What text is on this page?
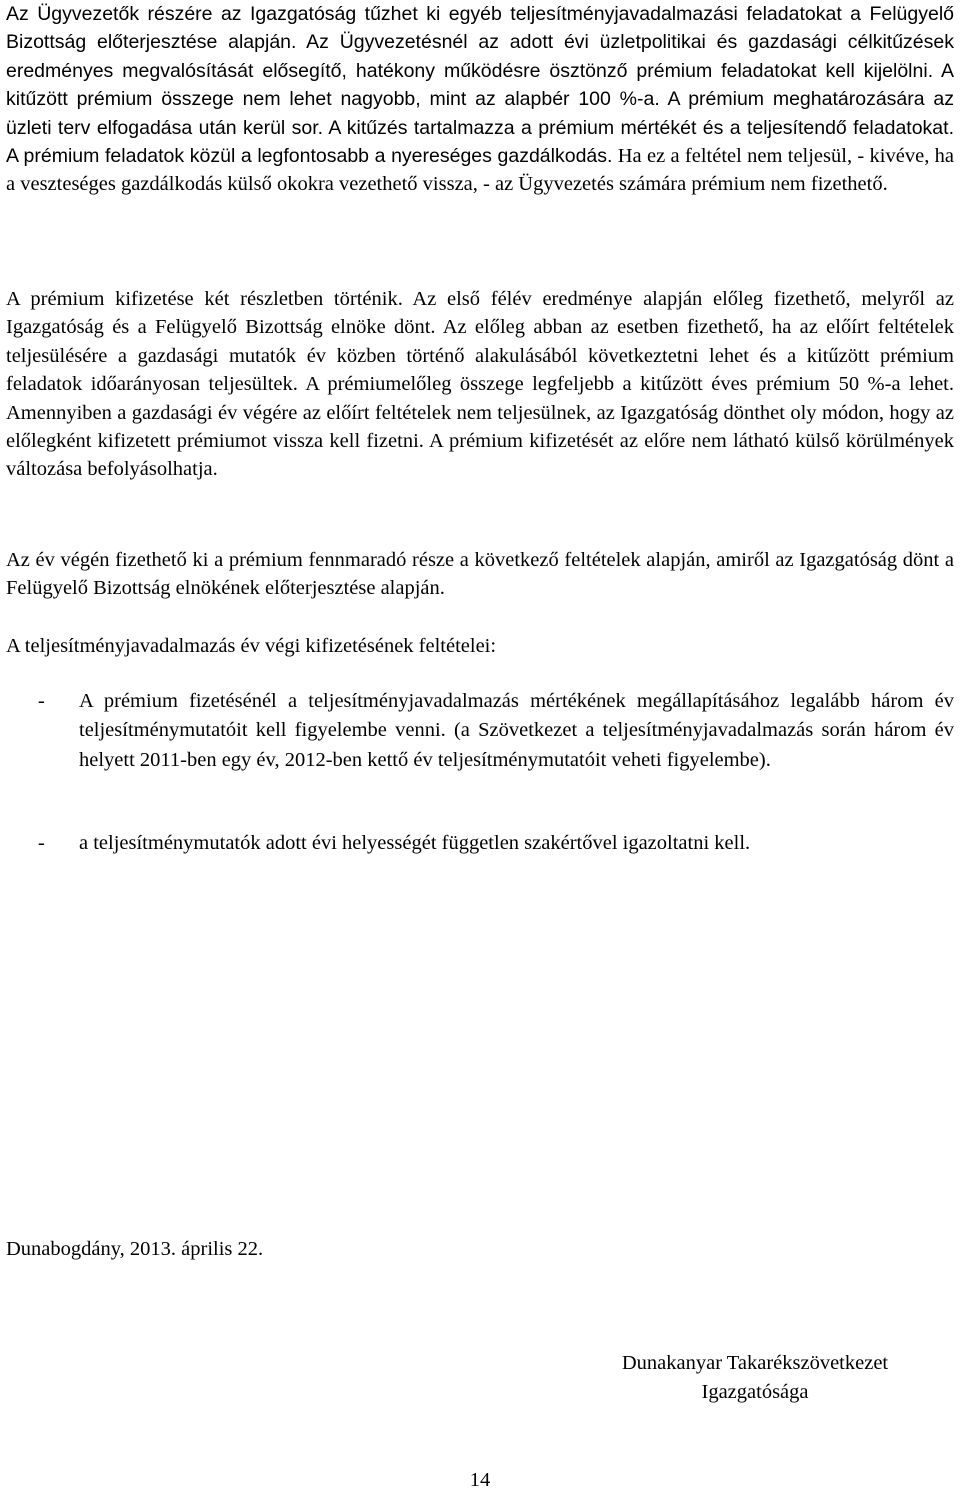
Az Ügyvezetők részére az Igazgatóság tűzhet ki egyéb teljesítményjavadalmazási feladatokat a Felügyelő Bizottság előterjesztése alapján. Az Ügyvezetésnél az adott évi üzletpolitikai és gazdasági célkitűzések eredményes megvalósítását elősegítő, hatékony működésre ösztönző prémium feladatokat kell kijelölni. A kitűzött prémium összege nem lehet nagyobb, mint az alapbér 100 %-a. A prémium meghatározására az üzleti terv elfogadása után kerül sor. A kitűzés tartalmazza a prémium mértékét és a teljesítendő feladatokat. A prémium feladatok közül a legfontosabb a nyereséges gazdálkodás. Ha ez a feltétel nem teljesül, - kivéve, ha a veszteséges gazdálkodás külső okokra vezethető vissza, - az Ügyvezetés számára prémium nem fizethető.

A prémium kifizetése két részletben történik. Az első félév eredménye alapján előleg fizethető, melyről az Igazgatóság és a Felügyelő Bizottság elnöke dönt. Az előleg abban az esetben fizethető, ha az előírt feltételek teljesülésére a gazdasági mutatók év közben történő alakulásából következtetni lehet és a kitűzött prémium feladatok időarányosan teljesültek. A prémiumelőleg összege legfeljebb a kitűzött éves prémium 50 %-a lehet. Amennyiben a gazdasági év végére az előírt feltételek nem teljesülnek, az Igazgatóság dönthet oly módon, hogy az előlegként kifizetett prémiumot vissza kell fizetni. A prémium kifizetését az előre nem látható külső körülmények változása befolyásolhatja.

Az év végén fizethető ki a prémium fennmaradó része a következő feltételek alapján, amiről az Igazgatóság dönt a Felügyelő Bizottság elnökének előterjesztése alapján.

A teljesítményjavadalmazás év végi kifizetésének feltételei:

- A prémium fizetésénél a teljesítményjavadalmazás mértékének megállapításához legalább három év teljesítménymutatóit kell figyelembe venni. (a Szövetkezet a teljesítményjavadalmazás során három év helyett 2011-ben egy év, 2012-ben kettő év teljesítménymutatóit veheti figyelembe).
- a teljesítménymutatók adott évi helyességét független szakértővel igazoltatni kell.
Dunabogdány, 2013. április 22.
Dunakanyar Takarékszövetkezet
Igazgatósága
14
